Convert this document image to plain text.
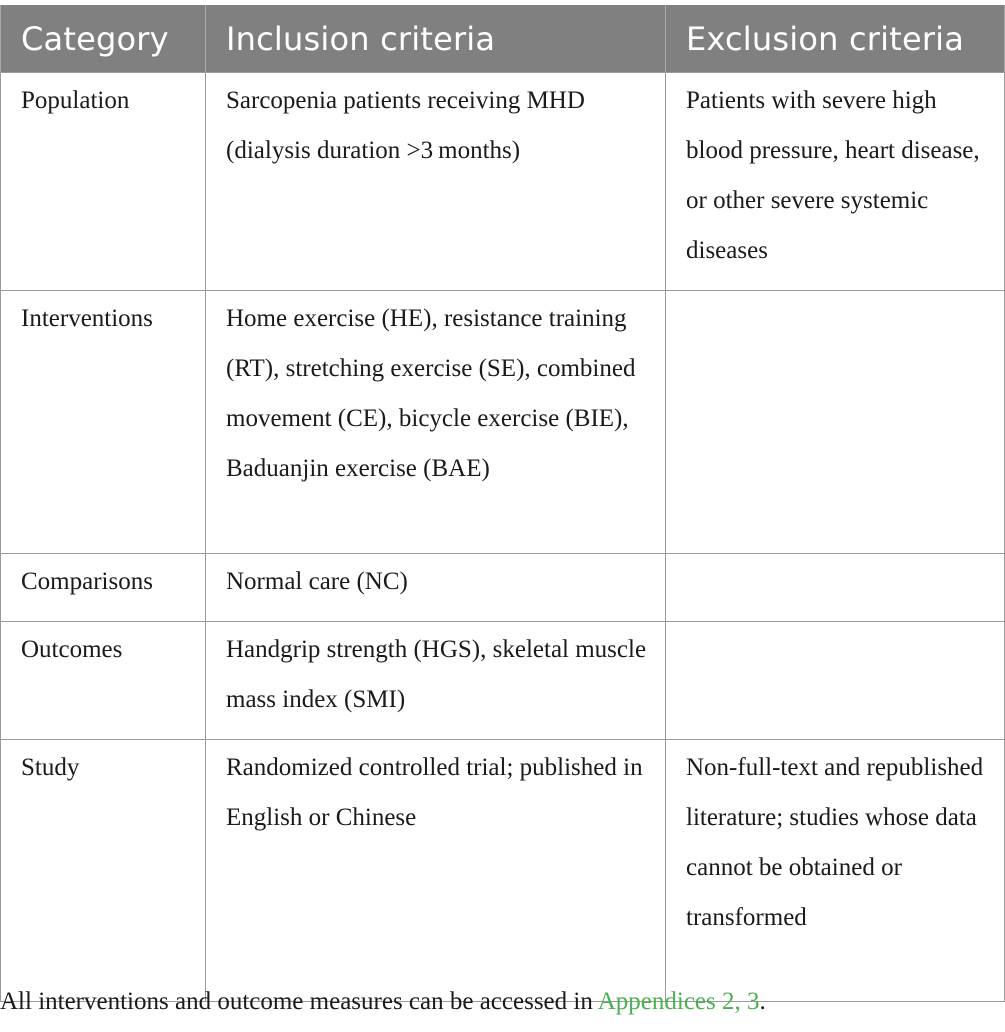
Category	Inclusion criteria	Exclusion criteria

Population	Sarcopenia patients receiving MHD (dialysis duration >3 months)	Patients with severe high blood pressure, heart disease, or other severe systemic diseases

Interventions	Home exercise (HE), resistance training (RT), stretching exercise (SE), combined movement (CE), bicycle exercise (BIE), Baduanjin exercise (BAE)	

Comparisons	Normal care (NC)	

Outcomes	Handgrip strength (HGS), skeletal muscle mass index (SMI)	

Study	Randomized controlled trial; published in English or Chinese	Non-full-text and republished literature; studies whose data cannot be obtained or transformed
All interventions and outcome measures can be accessed in Appendices 2, 3.
